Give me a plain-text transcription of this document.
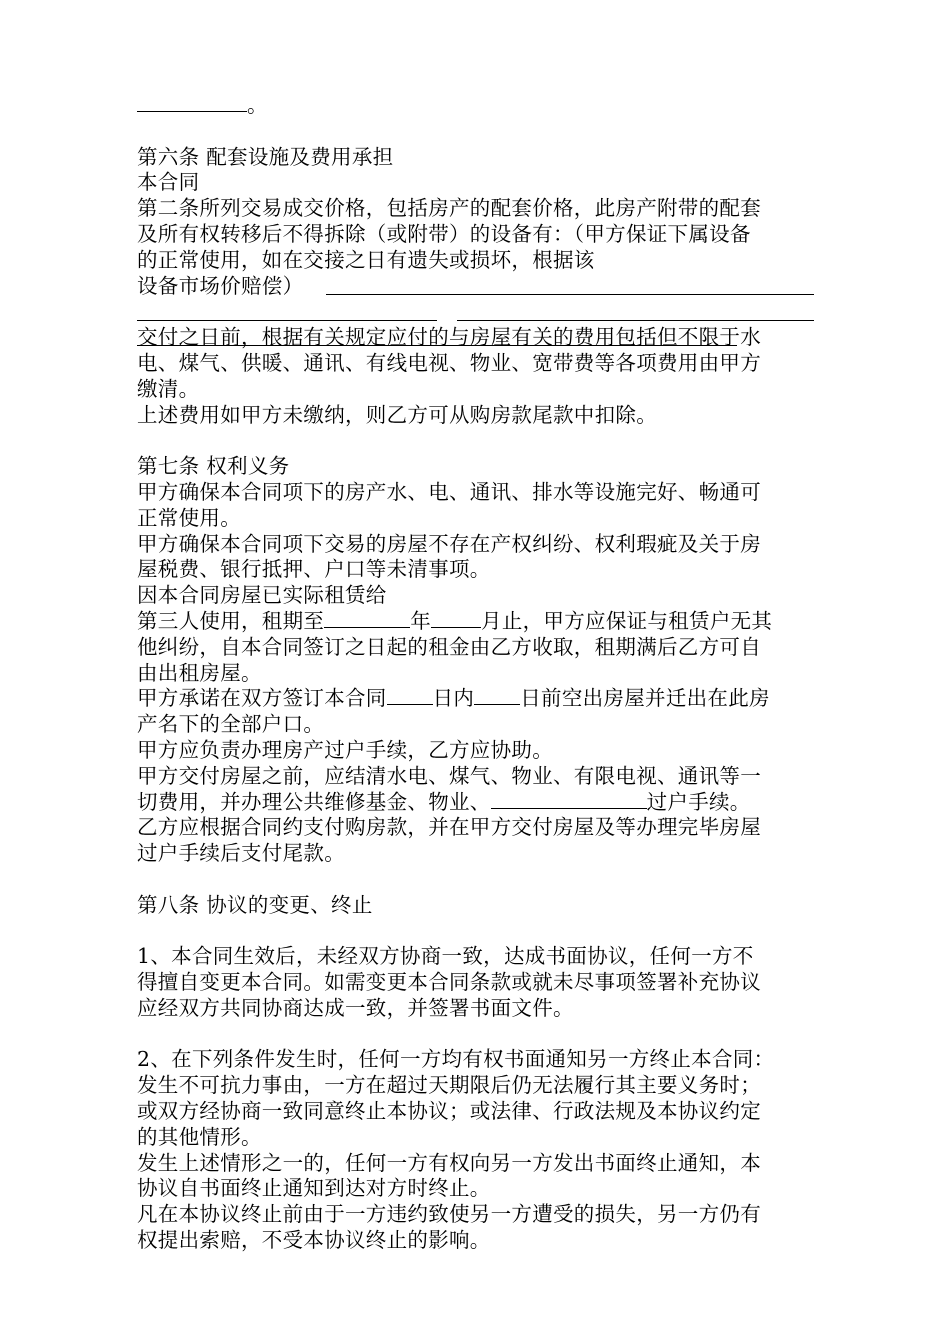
。
第六条 配套设施及费用承担
本合同
第二条所列交易成交价格，包括房产的配套价格，此房产附带的配套
及所有权转移后不得拆除（或附带）的设备有：（甲方保证下属设备
的正常使用，如在交接之日有遗失或损坏，根据该
设备市场价赔偿）
交付之日前，根据有关规定应付的与房屋有关的费用包括但不限于水
电、煤气、供暖、通讯、有线电视、物业、宽带费等各项费用由甲方
缴清。
上述费用如甲方未缴纳，则乙方可从购房款尾款中扣除。
第七条 权利义务
甲方确保本合同项下的房产水、电、通讯、排水等设施完好、畅通可
正常使用。
甲方确保本合同项下交易的房屋不存在产权纠纷、权利瑕疵及关于房
屋税费、银行抵押、户口等未清事项。
因本合同房屋已实际租赁给
第三人使用，租期至	年 月止，甲方应保证与租赁户无其
他纠纷，自本合同签订之日起的租金由乙方收取，租期满后乙方可自
由出租房屋。
甲方承诺在双方签订本合同 日内 日前空出房屋并迁出在此房
产名下的全部户口。
甲方应负责办理房产过户手续，乙方应协助。
甲方交付房屋之前，应结清水电、煤气、物业、有限电视、通讯等一
切费用，并办理公共维修基金、物业、	过户手续。
乙方应根据合同约支付购房款，并在甲方交付房屋及等办理完毕房屋
过户手续后支付尾款。
第八条 协议的变更、终止
1、本合同生效后，未经双方协商一致，达成书面协议，任何一方不
得擅自变更本合同。如需变更本合同条款或就未尽事项签署补充协议
应经双方共同协商达成一致，并签署书面文件。
2、在下列条件发生时，任何一方均有权书面通知另一方终止本合同：
发生不可抗力事由，一方在超过天期限后仍无法履行其主要义务时；
或双方经协商一致同意终止本协议；或法律、行政法规及本协议约定
的其他情形。
发生上述情形之一的，任何一方有权向另一方发出书面终止通知，本
协议自书面终止通知到达对方时终止。
凡在本协议终止前由于一方违约致使另一方遭受的损失，另一方仍有
权提出索赔，不受本协议终止的影响。
